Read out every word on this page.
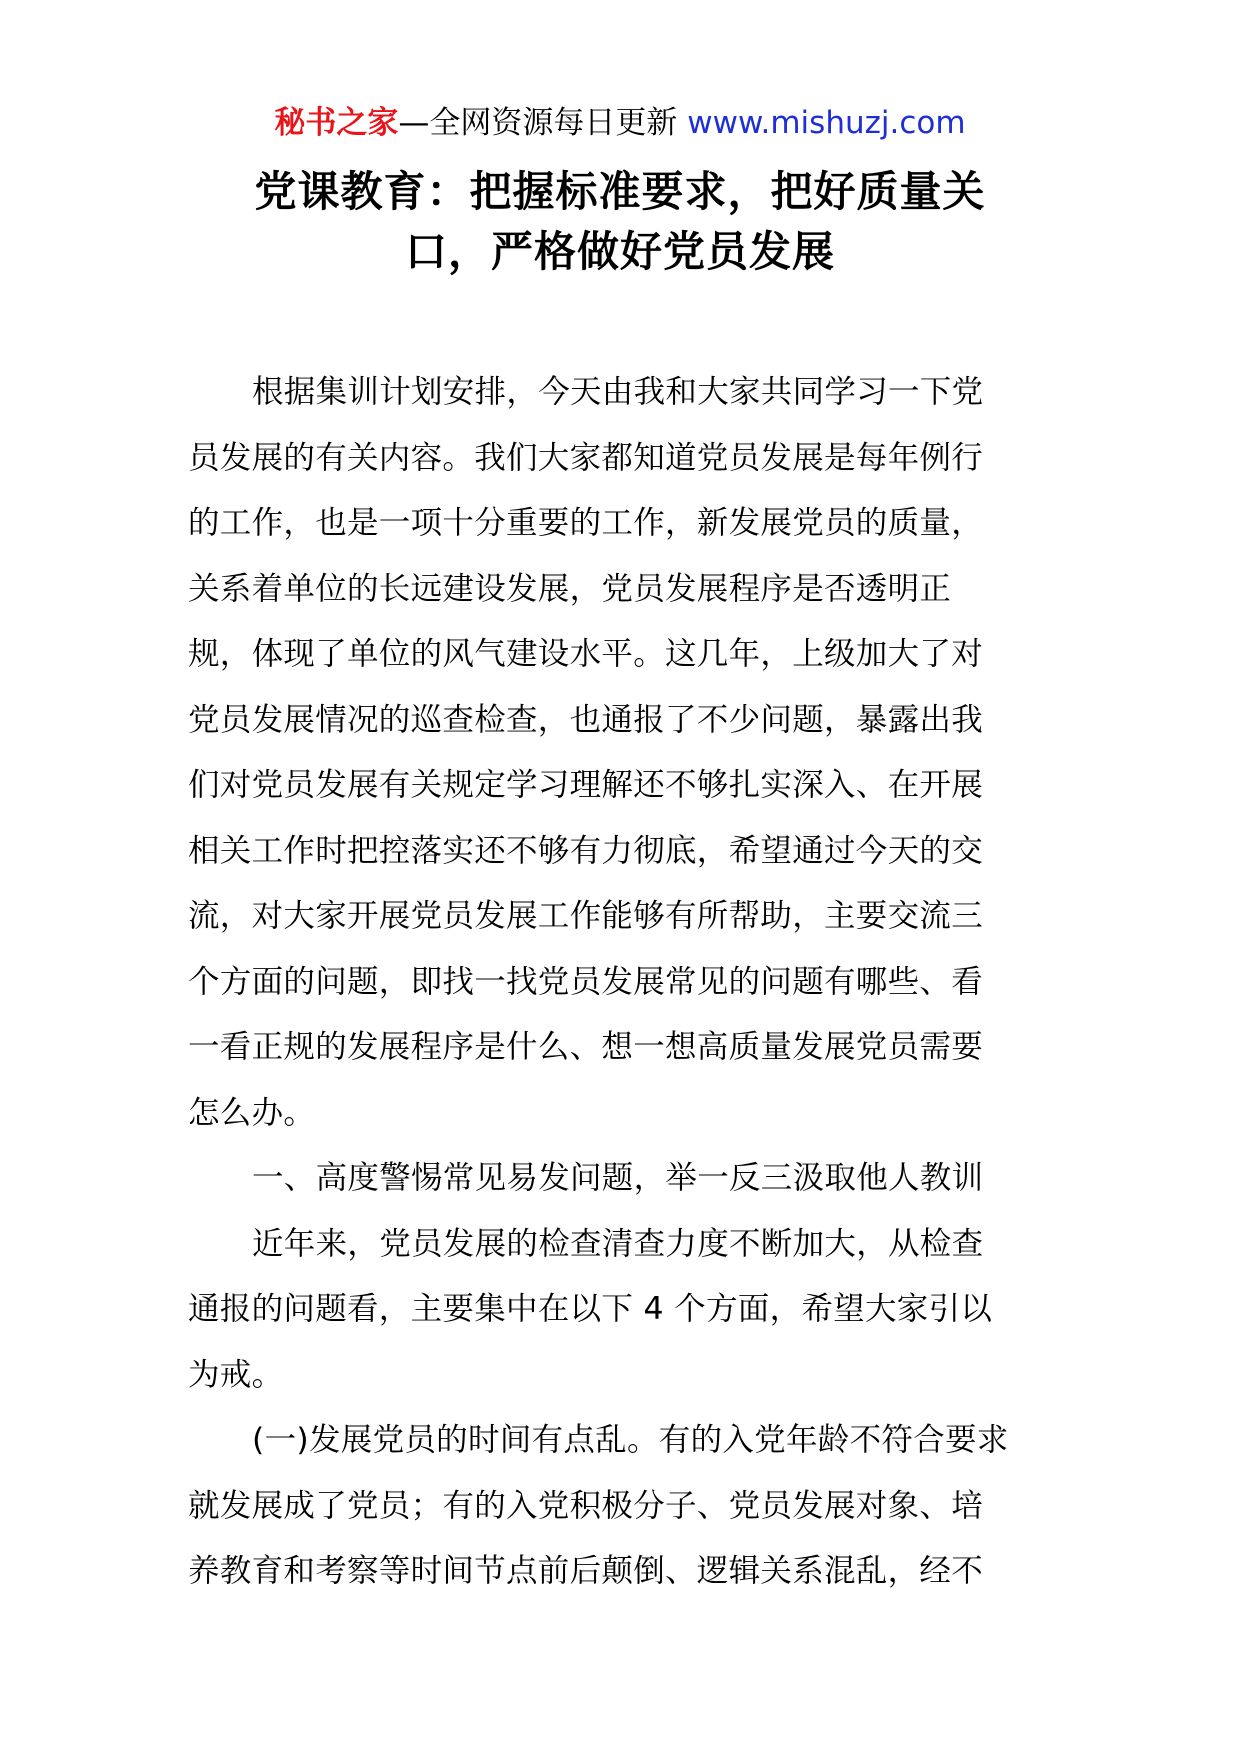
秘书之家—全网资源每日更新 www.mishuzj.com
党课教育：把握标准要求，把好质量关
口，严格做好党员发展
根据集训计划安排，今天由我和大家共同学习一下党
员发展的有关内容。我们大家都知道党员发展是每年例行
的工作，也是一项十分重要的工作，新发展党员的质量，
关系着单位的长远建设发展，党员发展程序是否透明正
规，体现了单位的风气建设水平。这几年，上级加大了对
党员发展情况的巡查检查，也通报了不少问题，暴露出我
们对党员发展有关规定学习理解还不够扎实深入、在开展
相关工作时把控落实还不够有力彻底，希望通过今天的交
流，对大家开展党员发展工作能够有所帮助，主要交流三
个方面的问题，即找一找党员发展常见的问题有哪些、看
一看正规的发展程序是什么、想一想高质量发展党员需要
怎么办。
一、高度警惕常见易发问题，举一反三汲取他人教训
近年来，党员发展的检查清查力度不断加大，从检查
通报的问题看，主要集中在以下 4 个方面，希望大家引以
为戒。
(一)发展党员的时间有点乱。有的入党年龄不符合要求
就发展成了党员；有的入党积极分子、党员发展对象、培
养教育和考察等时间节点前后颠倒、逻辑关系混乱，经不
